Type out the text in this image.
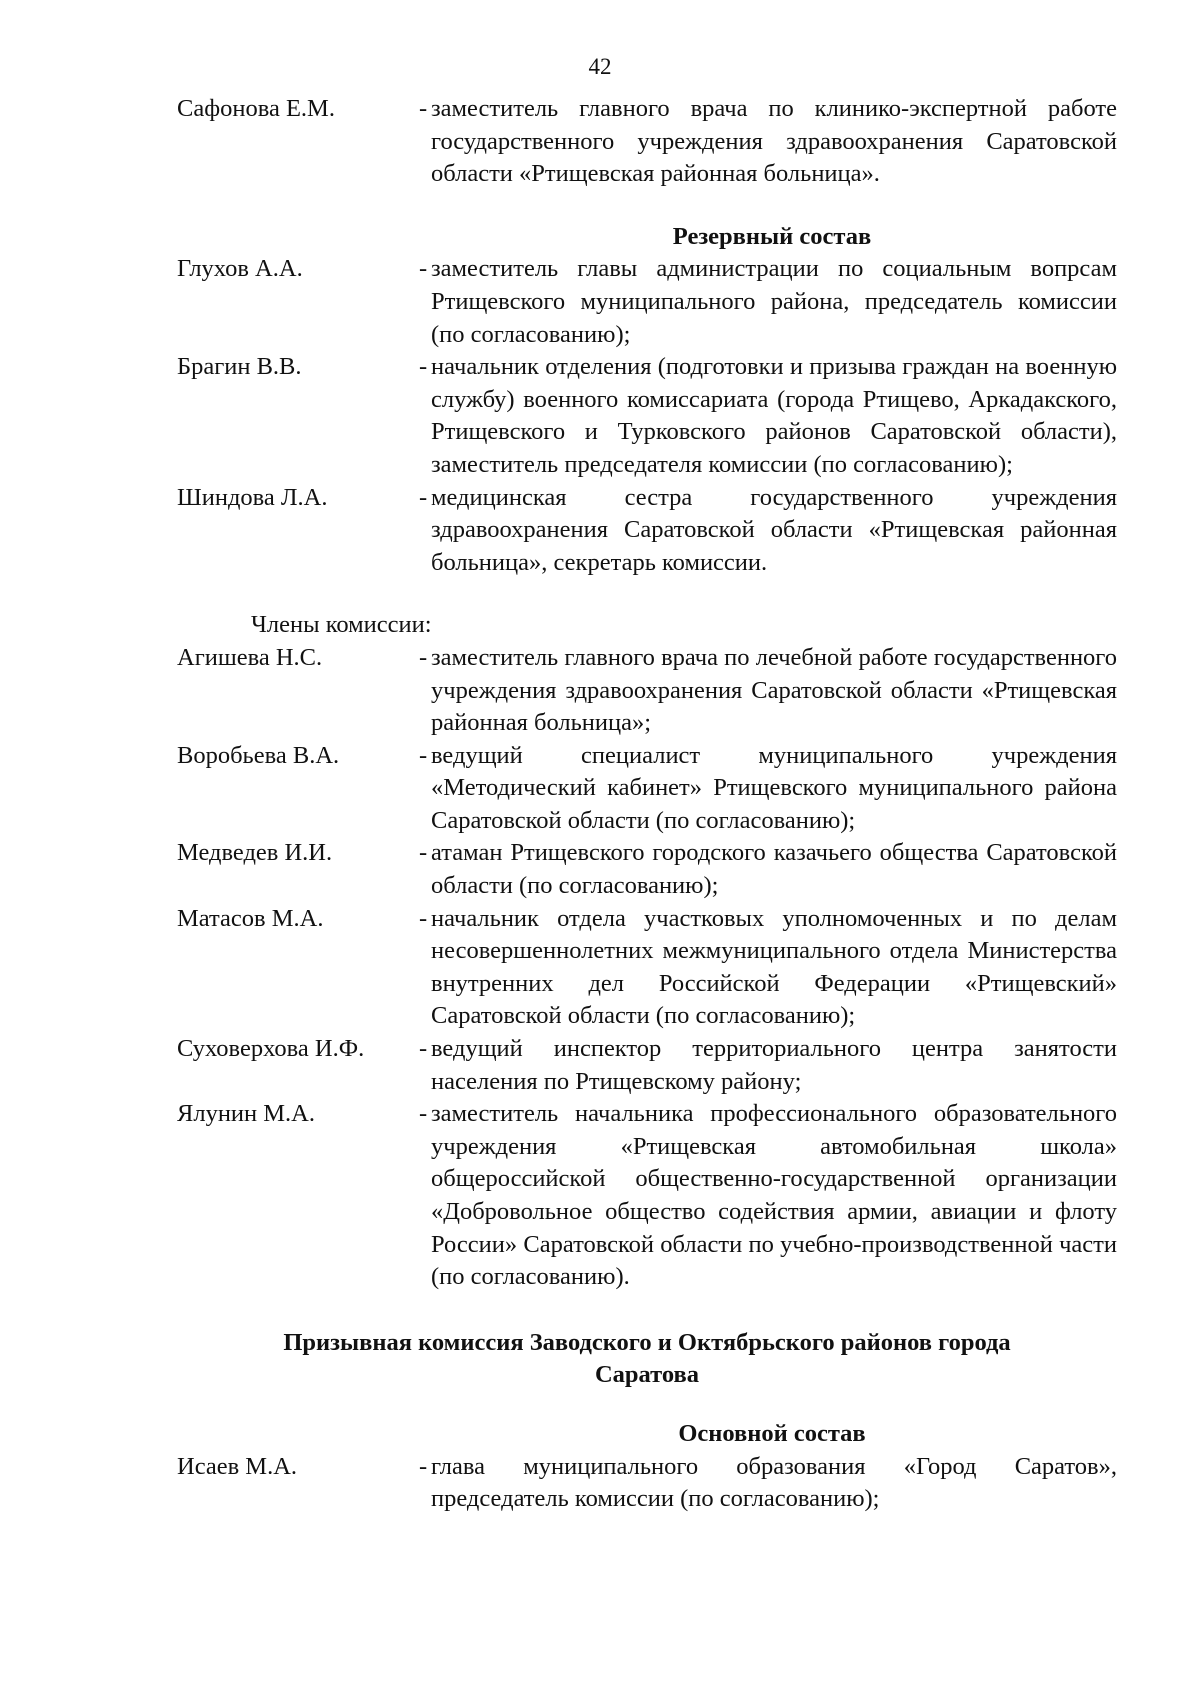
42
Сафонова Е.М.	- заместитель главного врача по клинико-экспертной работе государственного учреждения здравоохранения Саратовской области «Ртищевская районная больница».
Резервный состав
Глухов А.А.	- заместитель главы администрации по социальным вопрсам Ртищевского муниципального района, председатель комиссии (по согласованию);
Брагин В.В.	- начальник отделения (подготовки и призыва граждан на военную службу) военного комиссариата (города Ртищево, Аркадакского, Ртищевского и Турковского районов Саратовской области), заместитель председателя комиссии (по согласованию);
Шиндова Л.А.	- медицинская сестра государственного учреждения здравоохранения Саратовской области «Ртищевская районная больница», секретарь комиссии.
Члены комиссии:
Агишева Н.С.	- заместитель главного врача по лечебной работе государственного учреждения здравоохранения Саратовской области «Ртищевская районная больница»;
Воробьева В.А.	- ведущий специалист муниципального учреждения «Методический кабинет» Ртищевского муниципального района Саратовской области (по согласованию);
Медведев И.И.	- атаман Ртищевского городского казачьего общества Саратовской области (по согласованию);
Матасов М.А.	- начальник отдела участковых уполномоченных и по делам несовершеннолетних межмуниципального отдела Министерства внутренних дел Российской Федерации «Ртищевский» Саратовской области (по согласованию);
Суховерхова И.Ф.	- ведущий инспектор территориального центра занятости населения по Ртищевскому району;
Ялунин М.А.	- заместитель начальника профессионального образовательного учреждения «Ртищевская автомобильная школа» общероссийской общественно-государственной организации «Добровольное общество содействия армии, авиации и флоту России» Саратовской области по учебно-производственной части (по согласованию).
Призывная комиссия Заводского и Октябрьского районов города
Саратова
Основной состав
Исаев М.А.	- глава муниципального образования «Город Саратов», председатель комиссии (по согласованию);
